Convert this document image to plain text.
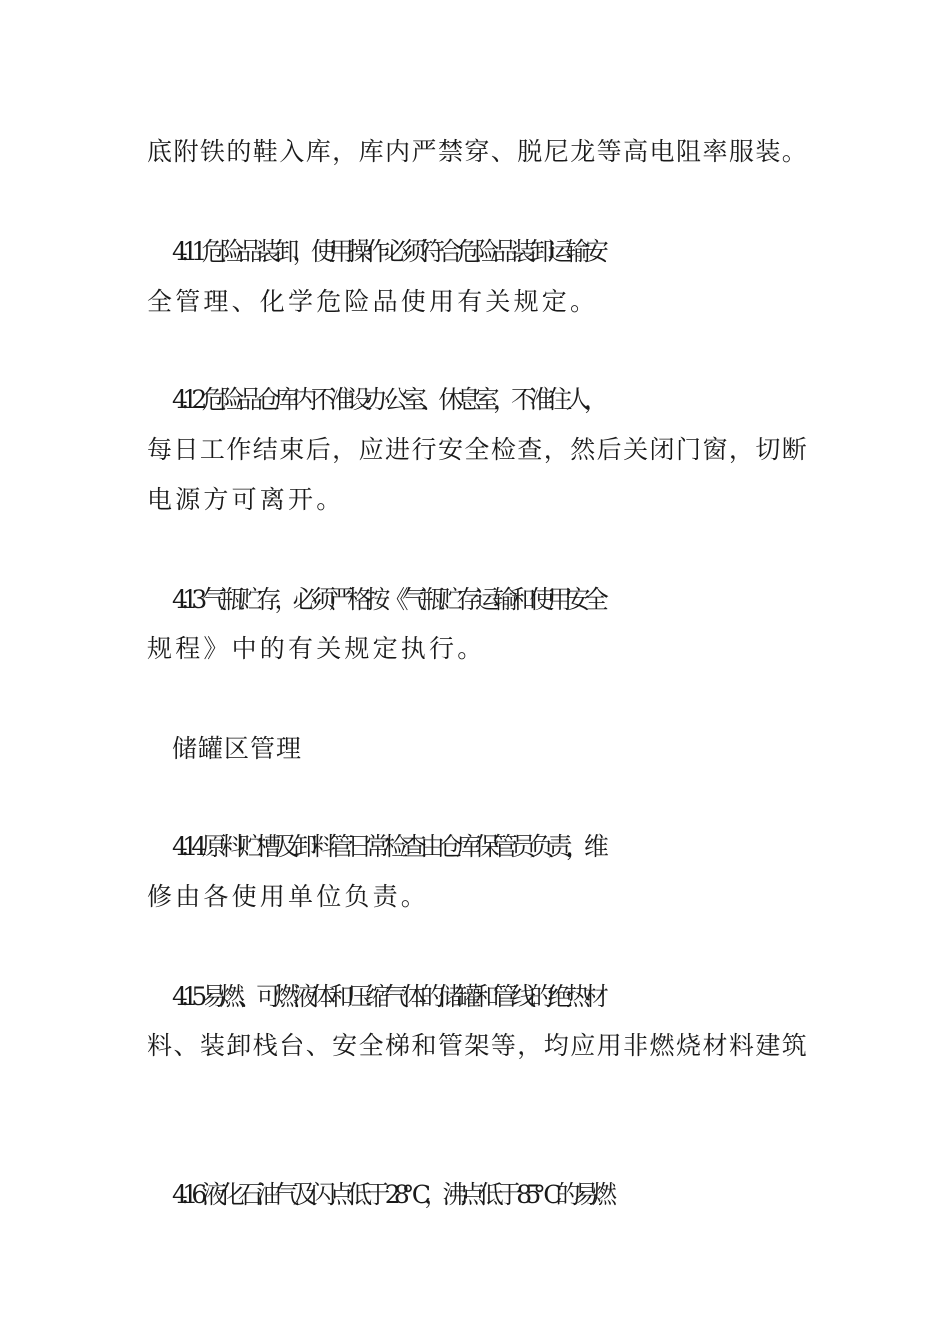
底附铁的鞋入库，库内严禁穿、脱尼龙等高电阻率服装。
4.11 危险品装卸，使用操作必须符合危险品装卸运输安
全管理、化学危险品使用有关规定。
4.12 危险品仓库内不准设办公室、休息室，不准住人，
每日工作结束后，应进行安全检查，然后关闭门窗，切断
电源方可离开。
4.13 气瓶贮存，必须严格按《气瓶贮存运输和使用安全
规程》中的有关规定执行。
储罐区管理
4.14 原料贮槽及卸料管日常检查由仓库保管员负责，维
修由各使用单位负责。
4.15 易燃、可燃液体和压缩气体的储罐和管线的绝热材
料、装卸栈台、安全梯和管架等，均应用非燃烧材料建筑
4.16 液化石油气及闪点低于 28℃，沸点低于 85℃的易燃
